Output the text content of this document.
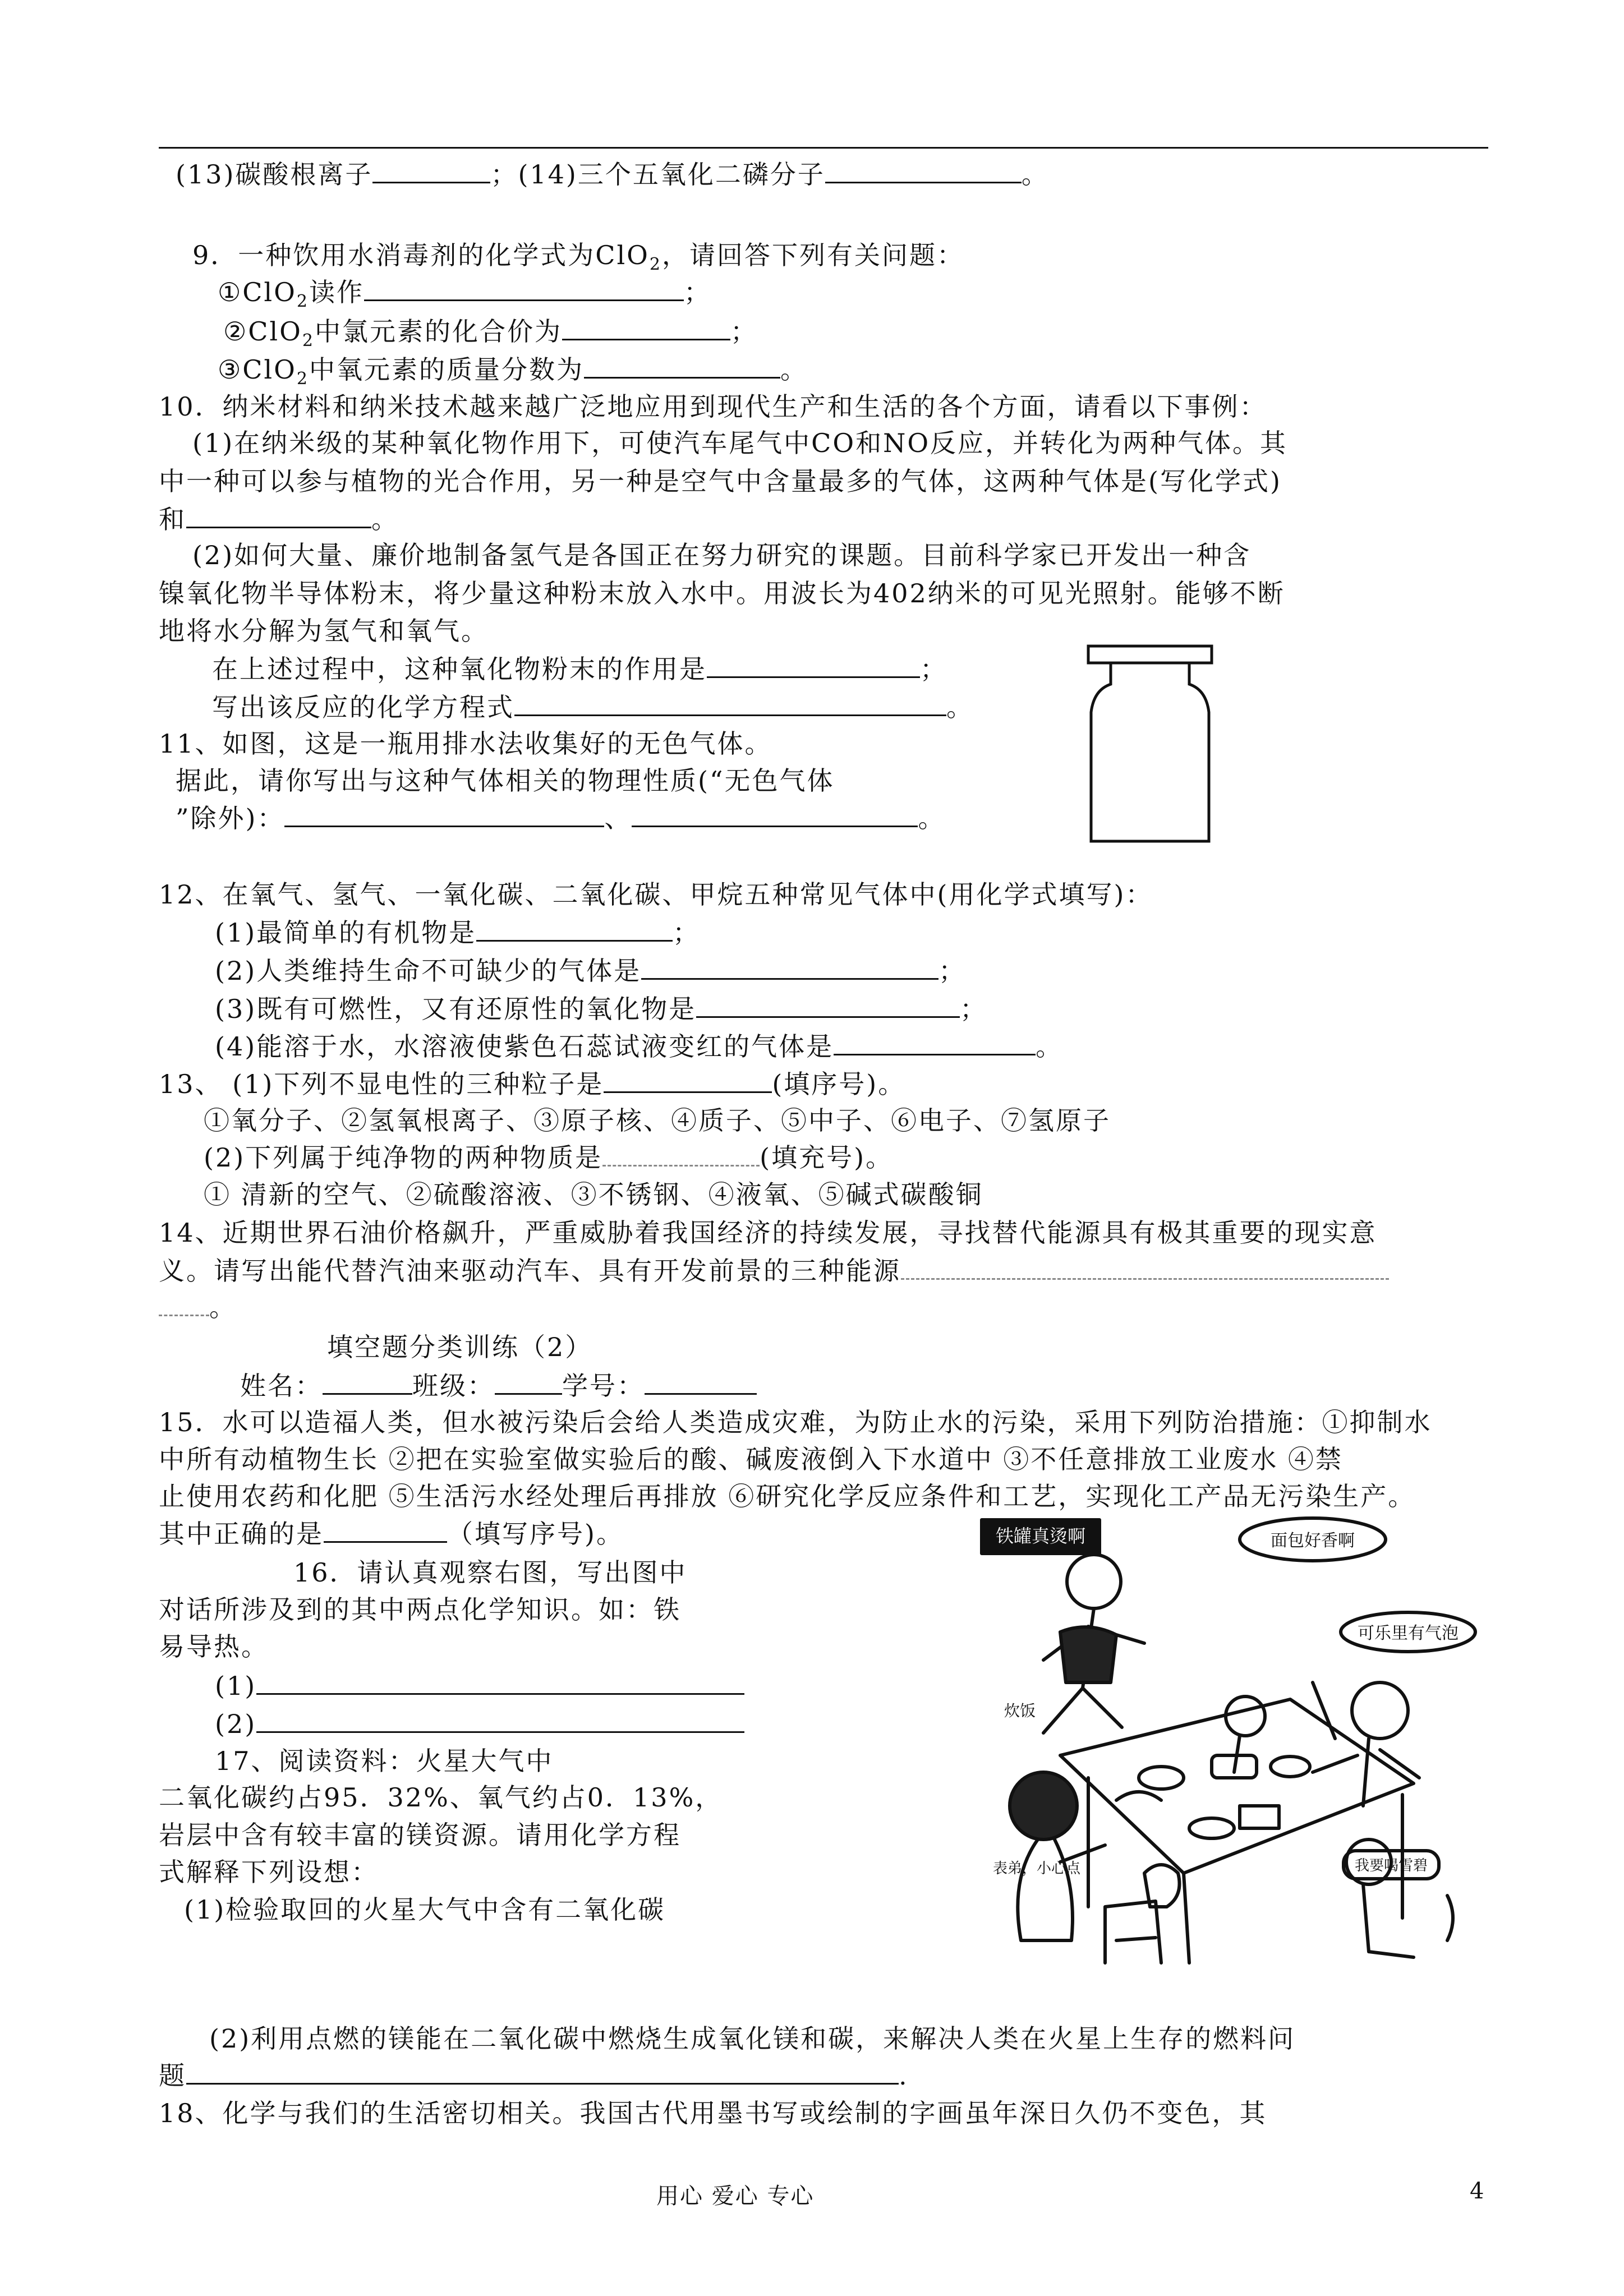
(13)碳酸根离子	；(14)三个五氧化二磷分子	。
9．一种饮用水消毒剂的化学式为ClO$_2$，请回答下列有关问题：
①ClO$_2$读作	；
②ClO$_2$中氯元素的化合价为	；
③ClO$_2$中氧元素的质量分数为	。
10．纳米材料和纳米技术越来越广泛地应用到现代生产和生活的各个方面，请看以下事例：
(1)在纳米级的某种氧化物作用下，可使汽车尾气中CO和NO反应，并转化为两种气体。其
中一种可以参与植物的光合作用，另一种是空气中含量最多的气体，这两种气体是(写化学式)
和	。
(2)如何大量、廉价地制备氢气是各国正在努力研究的课题。目前科学家已开发出一种含
镍氧化物半导体粉末，将少量这种粉末放入水中。用波长为402纳米的可见光照射。能够不断
地将水分解为氢气和氧气。
在上述过程中，这种氧化物粉末的作用是	；
写出该反应的化学方程式	。
11、如图，这是一瓶用排水法收集好的无色气体。
据此，请你写出与这种气体相关的物理性质(“无色气体
”除外)：	、	。
12、在氧气、氢气、一氧化碳、二氧化碳、甲烷五种常见气体中(用化学式填写)：
(1)最简单的有机物是	；
(2)人类维持生命不可缺少的气体是	；
(3)既有可燃性，又有还原性的氧化物是	；
(4)能溶于水，水溶液使紫色石蕊试液变红的气体是	。
13、 (1)下列不显电性的三种粒子是	(填序号)。
①氧分子、②氢氧根离子、③原子核、④质子、⑤中子、⑥电子、⑦氢原子
(2)下列属于纯净物的两种物质是	(填充号)。
① 清新的空气、②硫酸溶液、③不锈钢、④液氧、⑤碱式碳酸铜
14、近期世界石油价格飙升，严重威胁着我国经济的持续发展，寻找替代能源具有极其重要的现实意
义。请写出能代替汽油来驱动汽车、具有开发前景的三种能源
。
填空题分类训练（2）
姓名：	班级：	学号：
15．水可以造福人类，但水被污染后会给人类造成灾难，为防止水的污染，采用下列防治措施：①抑制水
中所有动植物生长 ②把在实验室做实验后的酸、碱废液倒入下水道中 ③不任意排放工业废水 ④禁
止使用农药和化肥 ⑤生活污水经处理后再排放 ⑥研究化学反应条件和工艺，实现化工产品无污染生产。
其中正确的是	（填写序号)。
16．请认真观察右图，写出图中
对话所涉及到的其中两点化学知识。如：铁
易导热。
(1)
(2)
17、阅读资料：火星大气中
二氧化碳约占95．32%、氧气约占0．13%，
岩层中含有较丰富的镁资源。请用化学方程
式解释下列设想：
(1)检验取回的火星大气中含有二氧化碳
(2)利用点燃的镁能在二氧化碳中燃烧生成氧化镁和碳，来解决人类在火星上生存的燃料问
题	.
18、化学与我们的生活密切相关。我国古代用墨书写或绘制的字画虽年深日久仍不变色，其
铁罐真烫啊	面包好香啊
可乐里有气泡
炊饭
表弟，小心点	我要喝雪碧
用心 爱心 专心	4
